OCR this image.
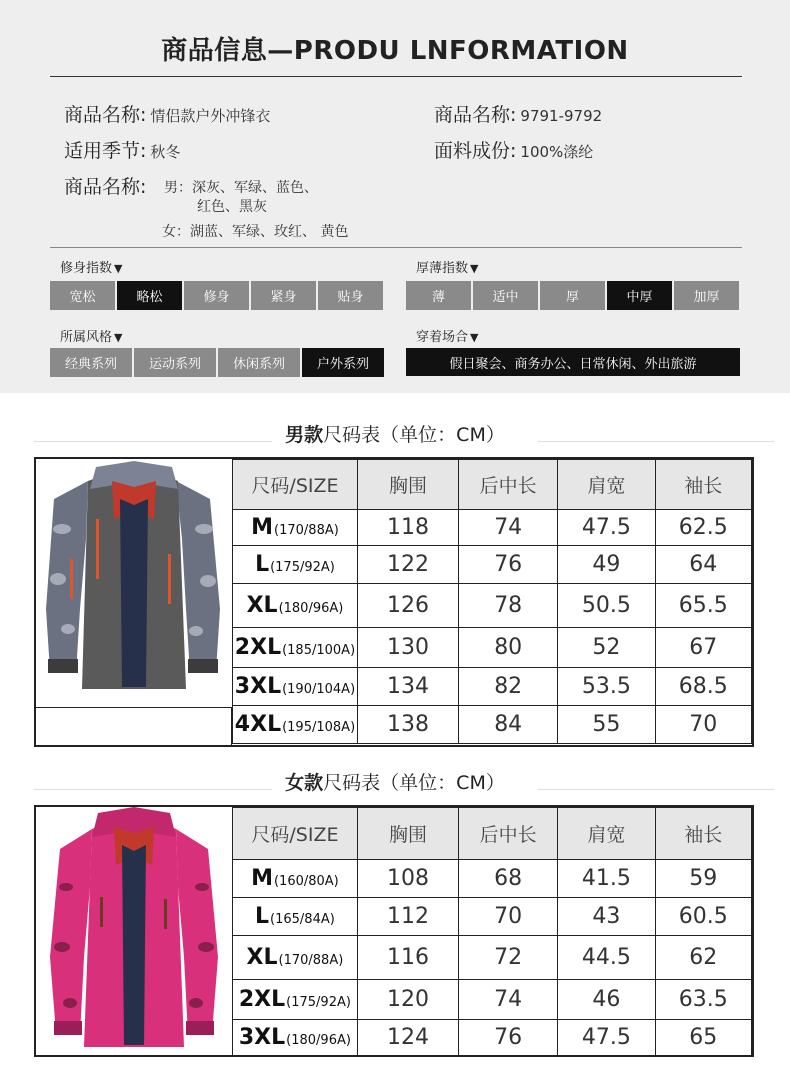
商品信息—PRODU LNFORMATION
商品名称: 情侣款户外冲锋衣	商品名称: 9791-9792
适用季节: 秋冬	面料成份: 100%涤纶
商品名称: 男：深灰、军绿、蓝色、
红色、黑灰
女：湖蓝、军绿、玫红、 黄色
修身指数 ▼
宽松	略松	修身	紧身	贴身
厚薄指数 ▼
薄	适中	厚	中厚	加厚
所属风格 ▼
经典系列	运动系列	休闲系列	户外系列
穿着场合 ▼
假日聚会、商务办公、日常休闲、外出旅游
男款尺码表（单位：CM）
尺码/SIZE	胸围	后中长	肩宽	袖长
M(170/88A)	118	74	47.5	62.5
L(175/92A)	122	76	49	64
XL(180/96A)	126	78	50.5	65.5
2XL(185/100A)	130	80	52	67
3XL(190/104A)	134	82	53.5	68.5
4XL(195/108A)	138	84	55	70
女款尺码表（单位：CM）
尺码/SIZE	胸围	后中长	肩宽	袖长
M(160/80A)	108	68	41.5	59
L(165/84A)	112	70	43	60.5
XL(170/88A)	116	72	44.5	62
2XL(175/92A)	120	74	46	63.5
3XL(180/96A)	124	76	47.5	65
